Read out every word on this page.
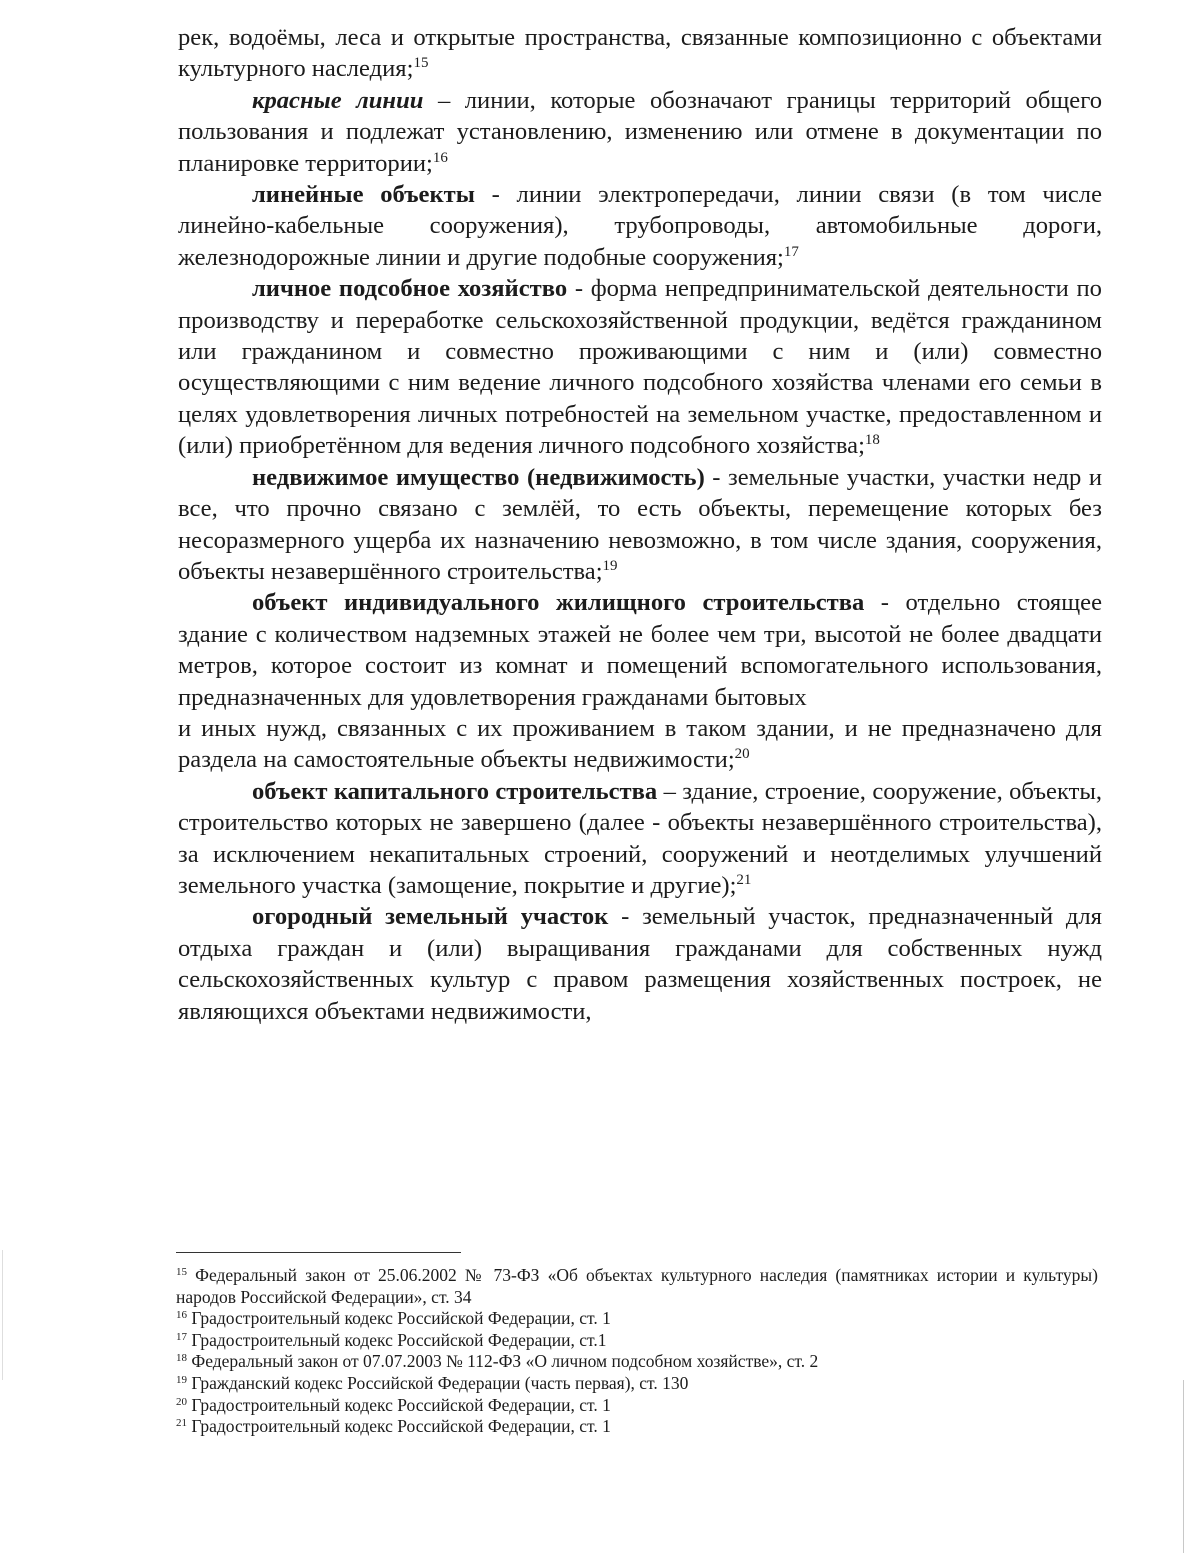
рек, водоёмы, леса и открытые пространства, связанные композиционно с объектами культурного наследия;$^{15}$

красные линии – линии, которые обозначают границы территорий общего пользования и подлежат установлению, изменению или отмене в документации по планировке территории;$^{16}$

линейные объекты - линии электропередачи, линии связи (в том числе линейно-кабельные сооружения), трубопроводы, автомобильные дороги, железнодорожные линии и другие подобные сооружения;$^{17}$

личное подсобное хозяйство - форма непредпринимательской деятельности по производству и переработке сельскохозяйственной продукции, ведётся гражданином или гражданином и совместно проживающими с ним и (или) совместно осуществляющими с ним ведение личного подсобного хозяйства членами его семьи в целях удовлетворения личных потребностей на земельном участке, предоставленном и (или) приобретённом для ведения личного подсобного хозяйства;$^{18}$

недвижимое имущество (недвижимость) - земельные участки, участки недр и все, что прочно связано с землёй, то есть объекты, перемещение которых без несоразмерного ущерба их назначению невозможно, в том числе здания, сооружения, объекты незавершённого строительства;$^{19}$

объект индивидуального жилищного строительства - отдельно стоящее здание с количеством надземных этажей не более чем три, высотой не более двадцати метров, которое состоит из комнат и помещений вспомогательного использования, предназначенных для удовлетворения гражданами бытовых

и иных нужд, связанных с их проживанием в таком здании, и не предназначено для раздела на самостоятельные объекты недвижимости;$^{20}$

объект капитального строительства – здание, строение, сооружение, объекты, строительство которых не завершено (далее - объекты незавершённого строительства), за исключением некапитальных строений, сооружений и неотделимых улучшений земельного участка (замощение, покрытие и другие);$^{21}$

огородный земельный участок - земельный участок, предназначенный для отдыха граждан и (или) выращивания гражданами для собственных нужд сельскохозяйственных культур с правом размещения хозяйственных построек, не являющихся объектами недвижимости,

$^{15}$ Федеральный закон от 25.06.2002 № 73-ФЗ «Об объектах культурного наследия (памятниках истории и культуры) народов Российской Федерации», ст. 34

$^{16}$ Градостроительный кодекс Российской Федерации, ст. 1

$^{17}$ Градостроительный кодекс Российской Федерации, ст.1

$^{18}$ Федеральный закон от 07.07.2003 № 112-ФЗ «О личном подсобном хозяйстве», ст. 2

$^{19}$ Гражданский кодекс Российской Федерации (часть первая), ст. 130

$^{20}$ Градостроительный кодекс Российской Федерации, ст. 1

$^{21}$ Градостроительный кодекс Российской Федерации, ст. 1
